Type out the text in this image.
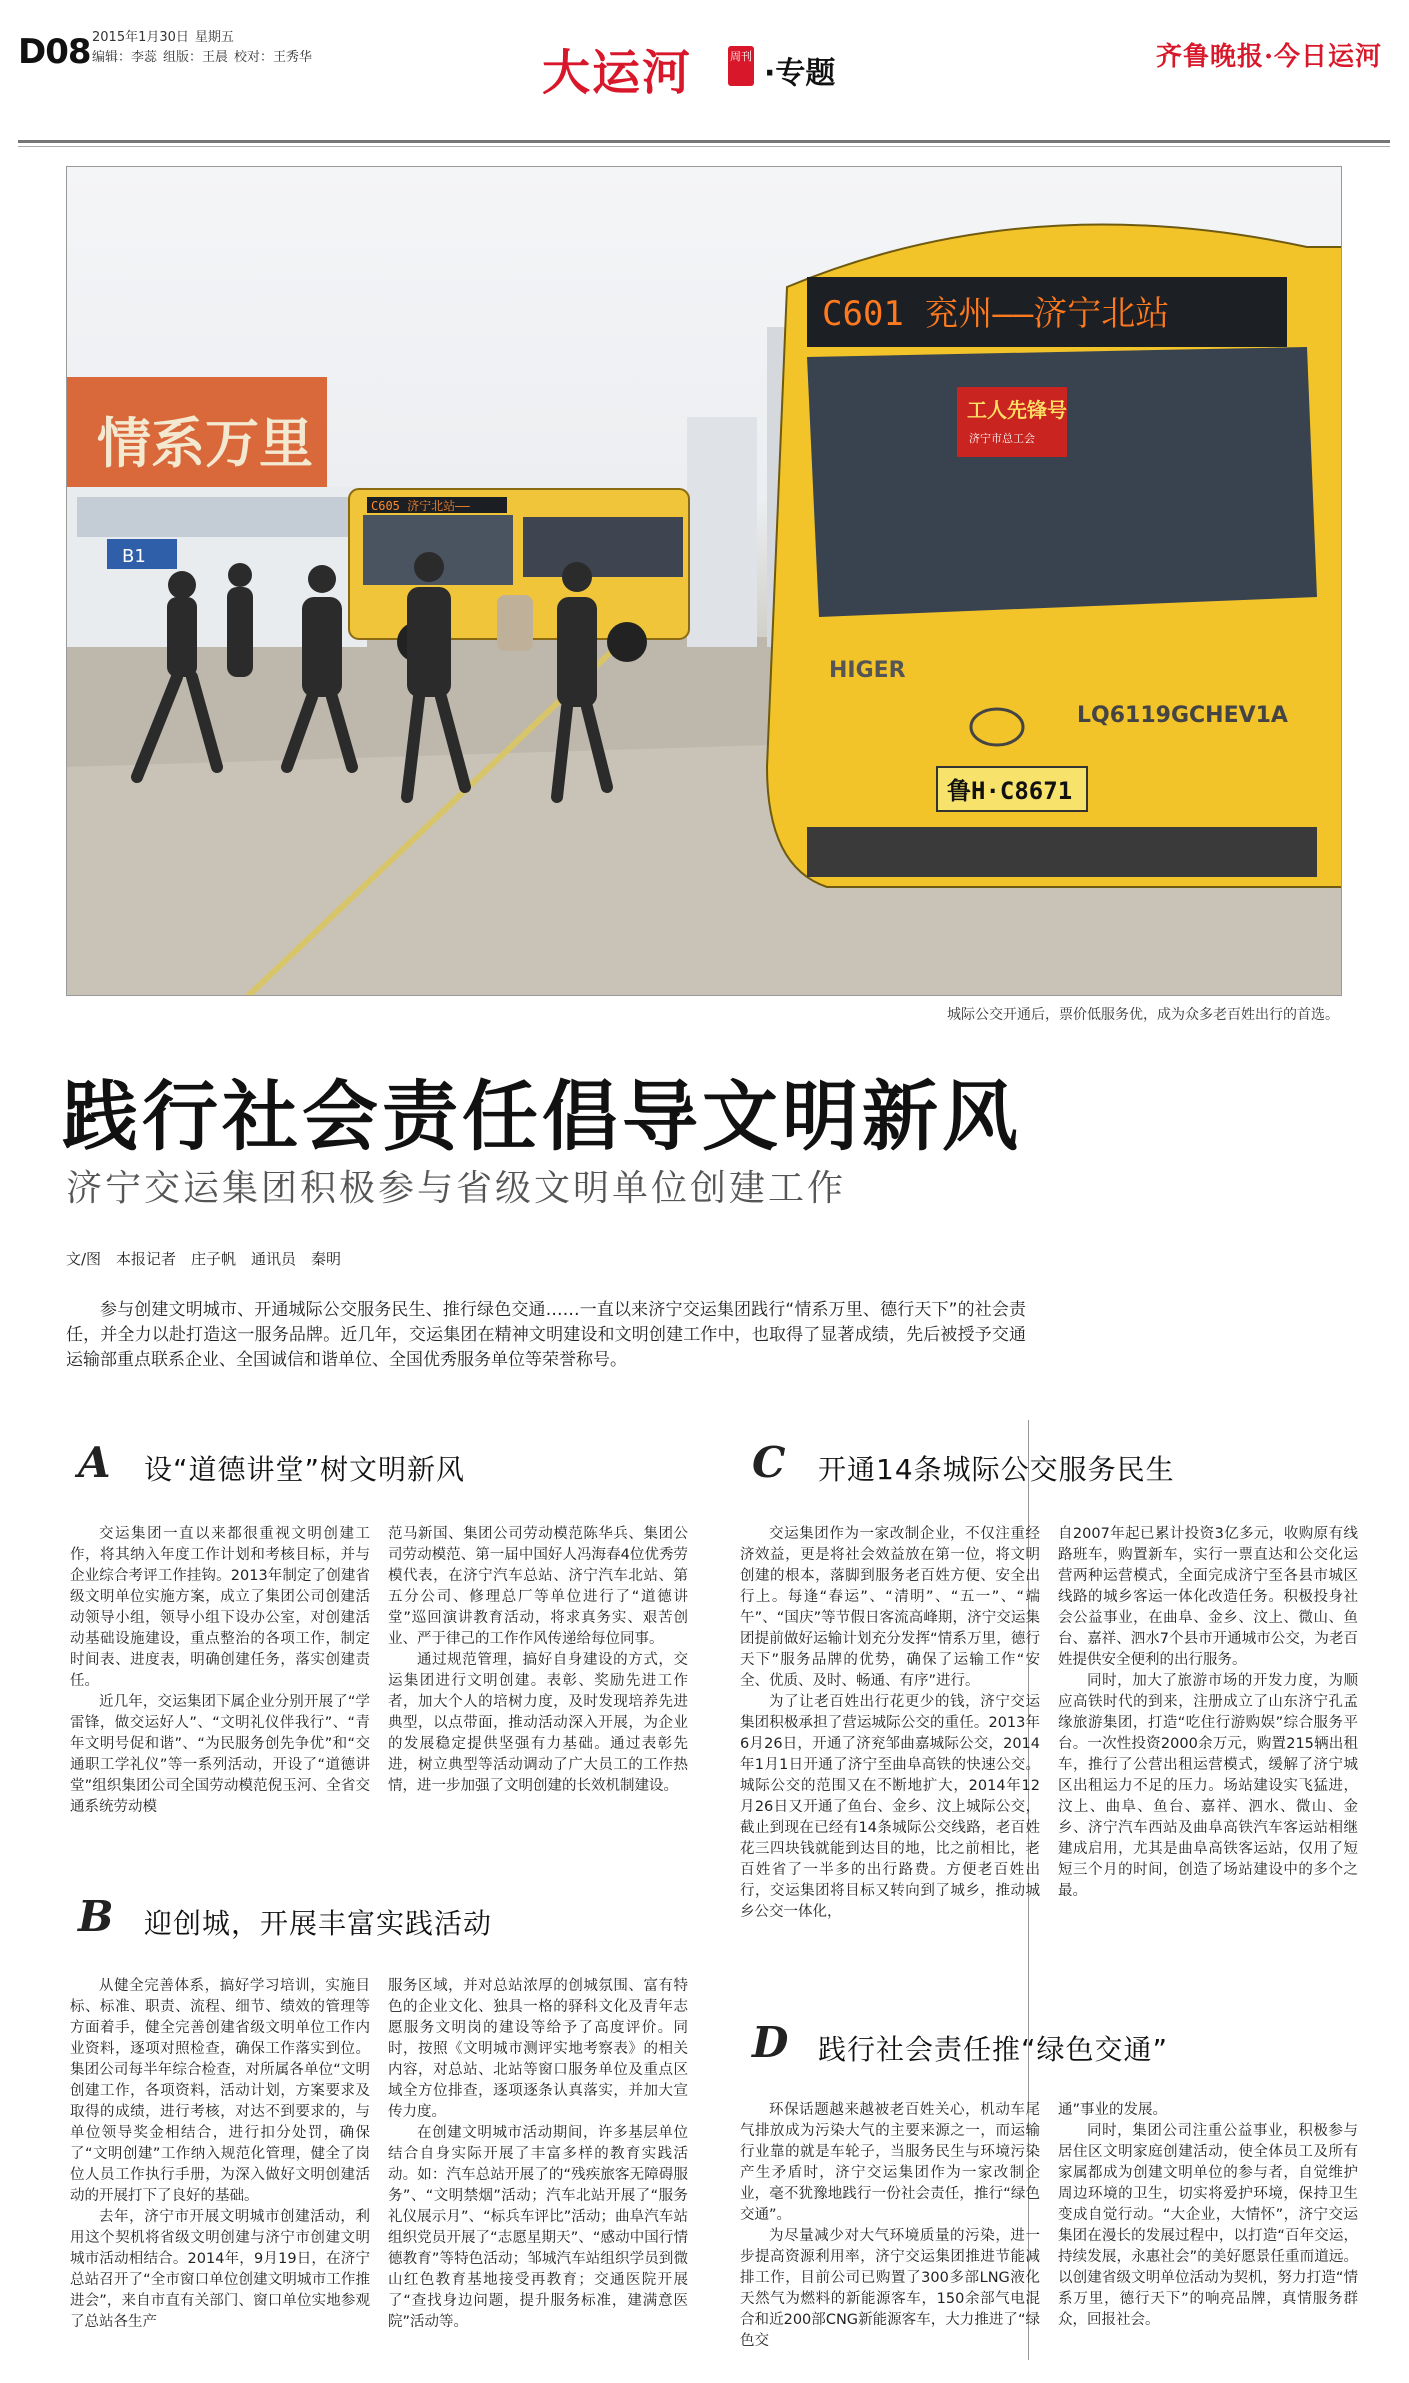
D08 2015年1月30日 星期五
编辑：李蕊 组版：王晨 校对：王秀华	大运河	周刊 ·专题	齐鲁晚报·今日运河
情系万里
B1
C605 济宁北站——
C601 兖州——济宁北站
工人先锋号
济宁市总工会
HIGER
LQ6119GCHEV1A
鲁H·C8671
城际公交开通后，票价低服务优，成为众多老百姓出行的首选。
践行社会责任倡导文明新风
济宁交运集团积极参与省级文明单位创建工作
文/图　本报记者　庄子帆　通讯员　秦明
参与创建文明城市、开通城际公交服务民生、推行绿色交通……一直以来济宁交运集团践行“情系万里、德行天下”的社会责任，并全力以赴打造这一服务品牌。近几年，交运集团在精神文明建设和文明创建工作中，也取得了显著成绩，先后被授予交通运输部重点联系企业、全国诚信和谐单位、全国优秀服务单位等荣誉称号。
A 设“道德讲堂”树文明新风

交运集团一直以来都很重视文明创建工作，将其纳入年度工作计划和考核目标，并与企业综合考评工作挂钩。2013年制定了创建省级文明单位实施方案，成立了集团公司创建活动领导小组，领导小组下设办公室，对创建活动基础设施建设，重点整治的各项工作，制定时间表、进度表，明确创建任务，落实创建责任。

近几年，交运集团下属企业分别开展了“学雷锋，做交运好人”、“文明礼仪伴我行”、“青年文明号促和谐”、“为民服务创先争优”和“交通职工学礼仪”等一系列活动，开设了“道德讲堂”组织集团公司全国劳动模范倪玉河、全省交通系统劳动模

范马新国、集团公司劳动模范陈华兵、集团公司劳动模范、第一届中国好人冯海春4位优秀劳模代表，在济宁汽车总站、济宁汽车北站、第五分公司、修理总厂等单位进行了“道德讲堂”巡回演讲教育活动，将求真务实、艰苦创业、严于律己的工作作风传递给每位同事。

通过规范管理，搞好自身建设的方式，交运集团进行文明创建。表彰、奖励先进工作者，加大个人的培树力度，及时发现培养先进典型，以点带面，推动活动深入开展，为企业的发展稳定提供坚强有力基础。通过表彰先进，树立典型等活动调动了广大员工的工作热情，进一步加强了文明创建的长效机制建设。

B 迎创城，开展丰富实践活动

从健全完善体系，搞好学习培训，实施目标、标准、职责、流程、细节、绩效的管理等方面着手，健全完善创建省级文明单位工作内业资料，逐项对照检查，确保工作落实到位。集团公司每半年综合检查，对所属各单位“文明创建工作，各项资料，活动计划，方案要求及取得的成绩，进行考核，对达不到要求的，与单位领导奖金相结合，进行扣分处罚，确保了“文明创建”工作纳入规范化管理，健全了岗位人员工作执行手册，为深入做好文明创建活动的开展打下了良好的基础。

去年，济宁市开展文明城市创建活动，利用这个契机将省级文明创建与济宁市创建文明城市活动相结合。2014年，9月19日，在济宁总站召开了“全市窗口单位创建文明城市工作推进会”，来自市直有关部门、窗口单位实地参观了总站各生产

服务区域，并对总站浓厚的创城氛围、富有特色的企业文化、独具一格的驿科文化及青年志愿服务文明岗的建设等给予了高度评价。同时，按照《文明城市测评实地考察表》的相关内容，对总站、北站等窗口服务单位及重点区域全方位排查，逐项逐条认真落实，并加大宣传力度。

在创建文明城市活动期间，许多基层单位结合自身实际开展了丰富多样的教育实践活动。如：汽车总站开展了的“残疾旅客无障碍服务”、“文明禁烟”活动；汽车北站开展了“服务礼仪展示月”、“标兵车评比”活动；曲阜汽车站组织党员开展了“志愿星期天”、“感动中国行情德教育”等特色活动；邹城汽车站组织学员到微山红色教育基地接受再教育；交通医院开展了“查找身边问题，提升服务标准，建满意医院”活动等。

C 开通14条城际公交服务民生

交运集团作为一家改制企业，不仅注重经济效益，更是将社会效益放在第一位，将文明创建的根本，落脚到服务老百姓方便、安全出行上。每逢“春运”、“清明”、“五一”、“端午”、“国庆”等节假日客流高峰期，济宁交运集团提前做好运输计划充分发挥“情系万里，德行天下”服务品牌的优势，确保了运输工作“安全、优质、及时、畅通、有序”进行。

为了让老百姓出行花更少的钱，济宁交运集团积极承担了营运城际公交的重任。2013年6月26日，开通了济兖邹曲嘉城际公交，2014年1月1日开通了济宁至曲阜高铁的快速公交。城际公交的范围又在不断地扩大，2014年12月26日又开通了鱼台、金乡、汶上城际公交，截止到现在已经有14条城际公交线路，老百姓花三四块钱就能到达目的地，比之前相比，老百姓省了一半多的出行路费。方便老百姓出行，交运集团将目标又转向到了城乡，推动城乡公交一体化，

自2007年起已累计投资3亿多元，收购原有线路班车，购置新车，实行一票直达和公交化运营两种运营模式，全面完成济宁至各县市城区线路的城乡客运一体化改造任务。积极投身社会公益事业，在曲阜、金乡、汶上、微山、鱼台、嘉祥、泗水7个县市开通城市公交，为老百姓提供安全便利的出行服务。

同时，加大了旅游市场的开发力度，为顺应高铁时代的到来，注册成立了山东济宁孔孟缘旅游集团，打造“吃住行游购娱”综合服务平台。一次性投资2000余万元，购置215辆出租车，推行了公营出租运营模式，缓解了济宁城区出租运力不足的压力。场站建设实飞猛进，汶上、曲阜、鱼台、嘉祥、泗水、微山、金乡、济宁汽车西站及曲阜高铁汽车客运站相继建成启用，尤其是曲阜高铁客运站，仅用了短短三个月的时间，创造了场站建设中的多个之最。

D 践行社会责任推“绿色交通”

环保话题越来越被老百姓关心，机动车尾气排放成为污染大气的主要来源之一，而运输行业靠的就是车轮子，当服务民生与环境污染产生矛盾时，济宁交运集团作为一家改制企业，毫不犹豫地践行一份社会责任，推行“绿色交通”。

为尽量减少对大气环境质量的污染，进一步提高资源利用率，济宁交运集团推进节能减排工作，目前公司已购置了300多部LNG液化天然气为燃料的新能源客车，150余部气电混合和近200部CNG新能源客车，大力推进了“绿色交

通”事业的发展。

同时，集团公司注重公益事业，积极参与居住区文明家庭创建活动，使全体员工及所有家属都成为创建文明单位的参与者，自觉维护周边环境的卫生，切实将爱护环境，保持卫生变成自觉行动。“大企业，大情怀”，济宁交运集团在漫长的发展过程中，以打造“百年交运，持续发展，永惠社会”的美好愿景任重而道远。以创建省级文明单位活动为契机，努力打造“情系万里，德行天下”的响亮品牌，真情服务群众，回报社会。
